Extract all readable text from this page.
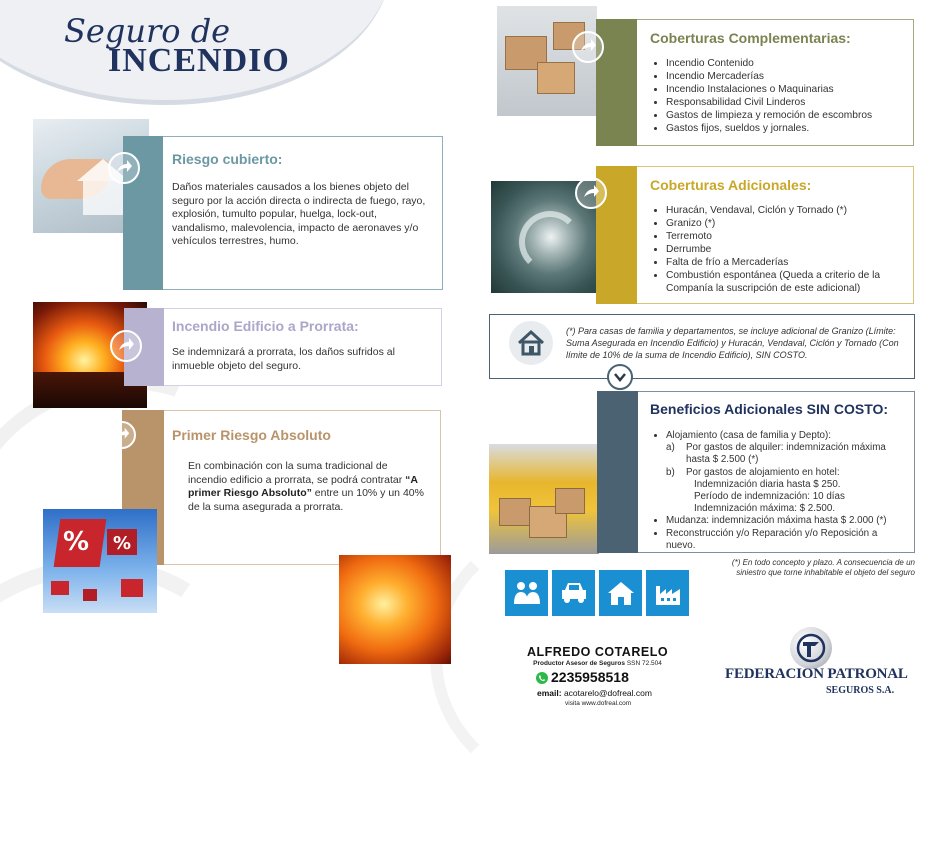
Seguro de
INCENDIO
Riesgo cubierto:

Daños materiales causados a los bienes objeto del seguro por la acción directa o indirecta de fuego, rayo, explosión, tumulto popular, huelga, lock-out, vandalismo, malevolencia, impacto de aeronaves y/o vehículos terrestres, humo.

Incendio Edificio a Prorrata:

Se indemnizará a prorrata, los daños sufridos al inmueble objeto del seguro.

Primer Riesgo Absoluto

En combinación con la suma tradicional de incendio edificio a prorrata, se podrá contratar “A primer Riesgo Absoluto” entre un 10% y un 40% de la suma asegurada a prorrata.

% %
Coberturas Complementarias:
• Incendio Contenido
• Incendio Mercaderías
• Incendio Instalaciones o Maquinarias
• Responsabilidad Civil Linderos
• Gastos de limpieza y remoción de escombros
• Gastos fijos, sueldos y jornales.
Coberturas Adicionales:
• Huracán, Vendaval, Ciclón y Tornado (*)
• Granizo (*)
• Terremoto
• Derrumbe
• Falta de frío a Mercaderías
• Combustión espontánea (Queda a criterio de la Companía la suscripción de este adicional)

(*) Para casas de familia y departamentos, se incluye adicional de Granizo (Límite: Suma Asegurada en Incendio Edificio) y Huracán, Vendaval, Ciclón y Tornado (Con límite de 10% de la suma de Incendio Edificio), SIN COSTO.

Beneficios Adicionales SIN COSTO:
• Alojamiento (casa de familia y Depto):
a)	Por gastos de alquiler: indemnización máxima hasta $ 2.500 (*)
b)	Por gastos de alojamiento en hotel:
Indemnización diaria hasta $ 250.
Período de indemnización: 10 días
Indemnización máxima: $ 2.500.
• Mudanza: indemnización máxima hasta $ 2.000 (*)
• Reconstrucción y/o Reparación y/o Reposición a nuevo.
(*) En todo concepto y plazo. A consecuencia de un siniestro que torne inhabitable el objeto del seguro
ALFREDO COTARELO
Productor Asesor de Seguros SSN 72.504
2235958518
email: acotarelo@dofreal.com
visita www.dofreal.com
FEDERACION PATRONAL
SEGUROS S.A.
